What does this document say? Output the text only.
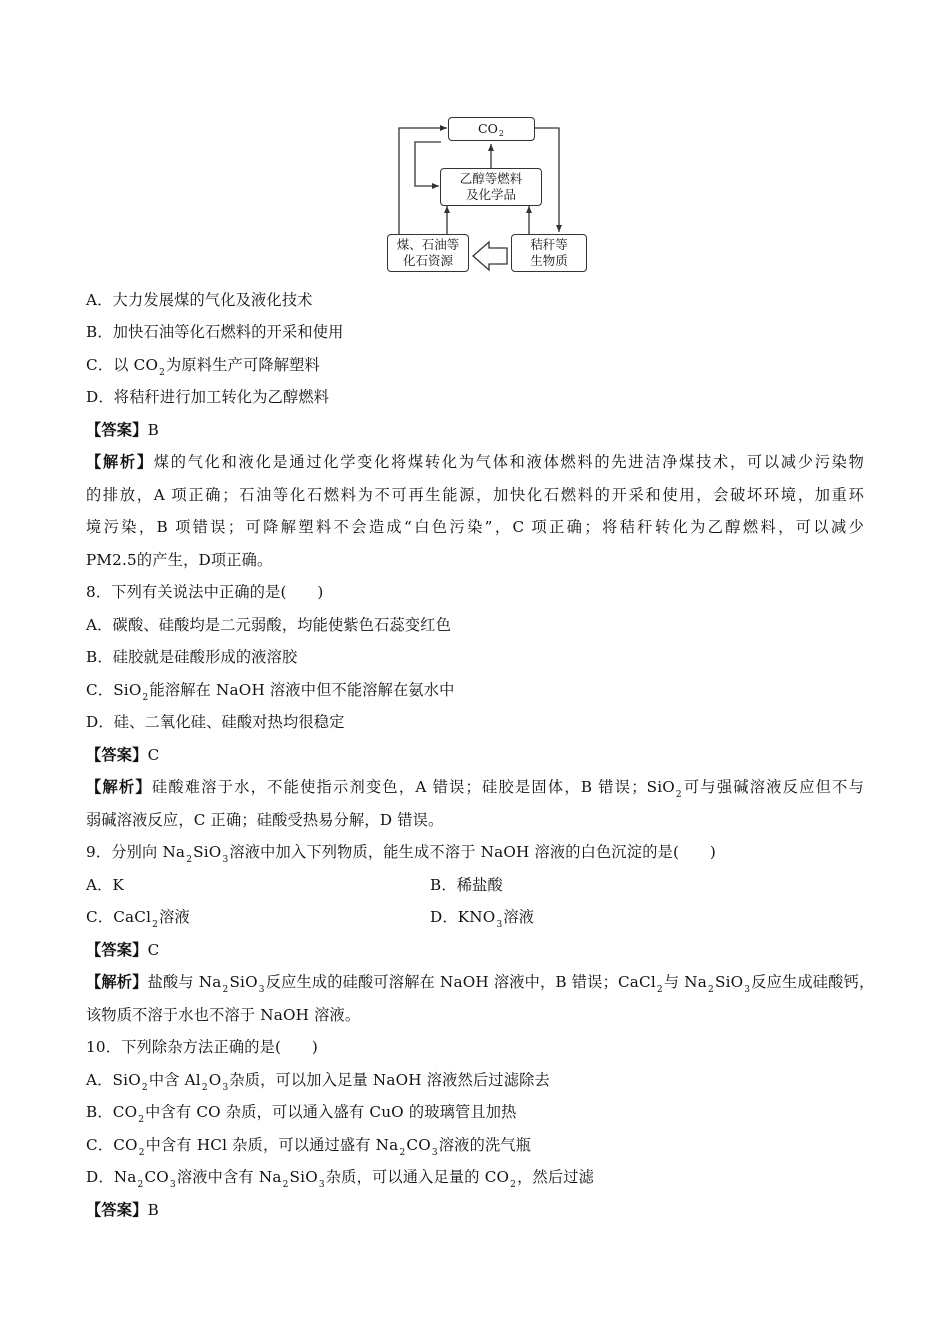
CO 2
乙醇等燃料
及化学品
煤、石油等
化石资源
秸秆等
生物质
A．大力发展煤的气化及液化技术
B．加快石油等化石燃料的开采和使用
C．以 $CO_2$为原料生产可降解塑料
D．将秸秆进行加工转化为乙醇燃料
【答案】B
【解析】煤的气化和液化是通过化学变化将煤转化为气体和液体燃料的先进洁净煤技术，可以减少污染物
的排放，A 项正确；石油等化石燃料为不可再生能源，加快化石燃料的开采和使用，会破坏环境，加重环
境污染，B 项错误；可降解塑料不会造成“白色污染”，C 项正确；将秸秆转化为乙醇燃料，可以减少
PM2.5的产生，D项正确。
8．下列有关说法中正确的是(　　)
A．碳酸、硅酸均是二元弱酸，均能使紫色石蕊变红色
B．硅胶就是硅酸形成的液溶胶
C．SiO$_2$能溶解在 NaOH 溶液中但不能溶解在氨水中
D．硅、二氧化硅、硅酸对热均很稳定
【答案】C
【解析】硅酸难溶于水，不能使指示剂变色，A 错误；硅胶是固体，B 错误；SiO$_2$可与强碱溶液反应但不与
弱碱溶液反应，C 正确；硅酸受热易分解，D 错误。
9．分别向 $Na_2SiO_3$溶液中加入下列物质，能生成不溶于 NaOH 溶液的白色沉淀的是(　　)
A．K	B．稀盐酸
C．CaCl$_2$溶液	D．$KNO_3$溶液
【答案】C
【解析】盐酸与 $Na_2SiO_3$反应生成的硅酸可溶解在 NaOH 溶液中，B 错误；CaCl$_2$与 $Na_2SiO_3$反应生成硅酸钙，
该物质不溶于水也不溶于 NaOH 溶液。
10．下列除杂方法正确的是(　　)
A．SiO$_2$中含 $Al_2O_3$杂质，可以加入足量 NaOH 溶液然后过滤除去
B．$CO_2$中含有 CO 杂质，可以通入盛有 CuO 的玻璃管且加热
C．$CO_2$中含有 HCl 杂质，可以通过盛有 $Na_2CO_3$溶液的洗气瓶
D．$Na_2CO_3$溶液中含有 $Na_2SiO_3$杂质，可以通入足量的 $CO_2$，然后过滤
【答案】B
